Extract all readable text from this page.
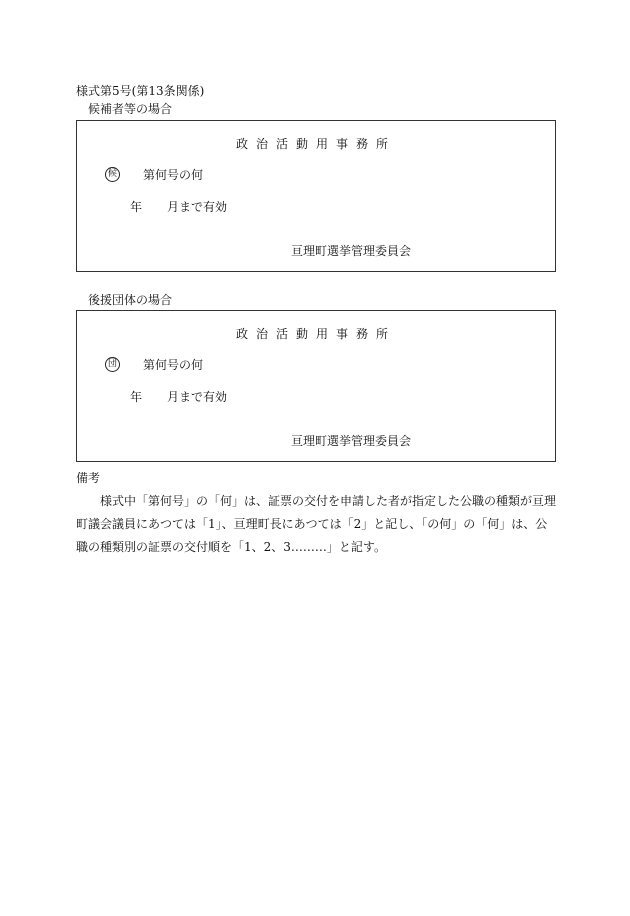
様式第5号(第13条関係)
候補者等の場合
政治活動用事務所
候 第何号の何
年 月まで有効
亘理町選挙管理委員会
後援団体の場合
政治活動用事務所
団 第何号の何
年 月まで有効
亘理町選挙管理委員会
備考
様式中「第何号」の「何」は、証票の交付を申請した者が指定した公職の種類が亘理町議会議員にあつては「1」、亘理町長にあつては「2」と記し、「の何」の「何」は、公職の種類別の証票の交付順を「1、2、3………」と記す。
